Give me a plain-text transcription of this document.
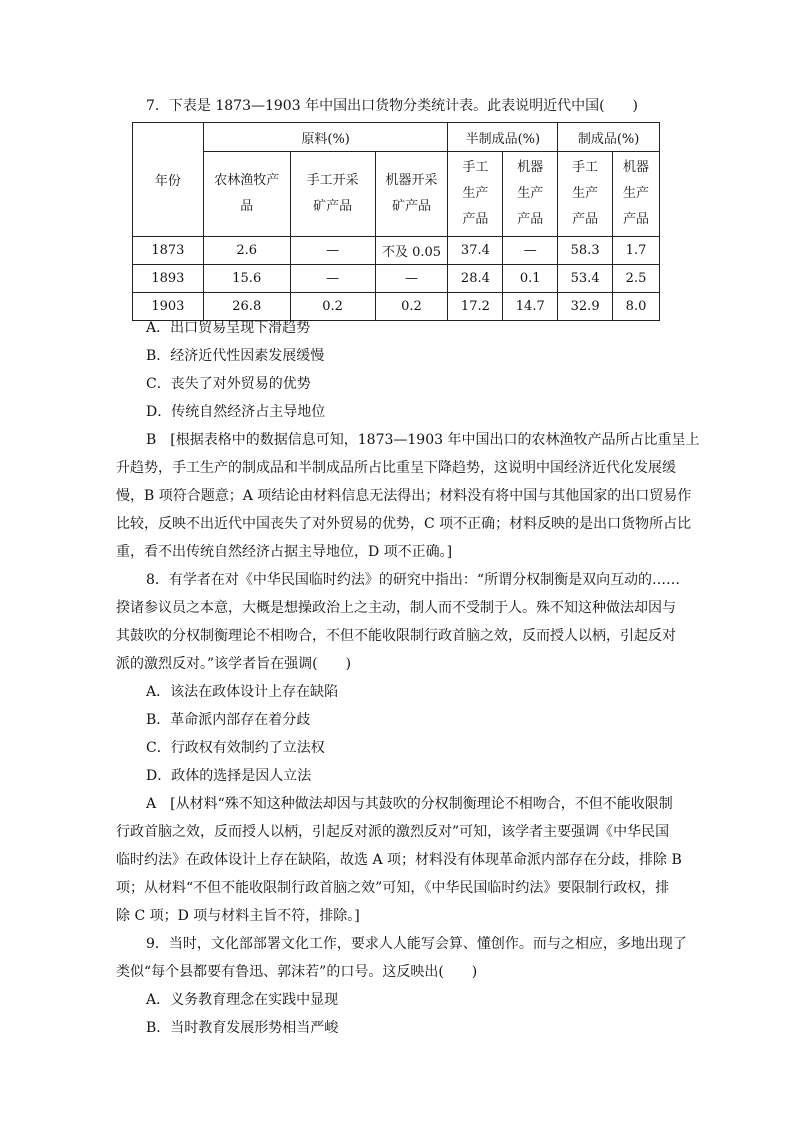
7．下表是 1873—1903 年中国出口货物分类统计表。此表说明近代中国(　　)
年份	原料(%)			半制成品(%)		制成品(%)	

	农林渔牧产品	手工开采矿产品	机器开采矿产品	手工生产产品	机器生产产品	手工生产产品	机器生产产品

1873	2.6	—	不及 0.05	37.4	—	58.3	1.7
1893	15.6	—	—	28.4	0.1	53.4	2.5
1903	26.8	0.2	0.2	17.2	14.7	32.9	8.0
A．出口贸易呈现下滑趋势
B．经济近代性因素发展缓慢
C．丧失了对外贸易的优势
D．传统自然经济占主导地位
B　[根据表格中的数据信息可知，1873—1903 年中国出口的农林渔牧产品所占比重呈上
升趋势，手工生产的制成品和半制成品所占比重呈下降趋势，这说明中国经济近代化发展缓
慢，B 项符合题意；A 项结论由材料信息无法得出；材料没有将中国与其他国家的出口贸易作
比较，反映不出近代中国丧失了对外贸易的优势，C 项不正确；材料反映的是出口货物所占比
重，看不出传统自然经济占据主导地位，D 项不正确。]
8．有学者在对《中华民国临时约法》的研究中指出：“所谓分权制衡是双向互动的……
揆诸参议员之本意，大概是想操政治上之主动，制人而不受制于人。殊不知这种做法却因与
其鼓吹的分权制衡理论不相吻合，不但不能收限制行政首脑之效，反而授人以柄，引起反对
派的激烈反对。”该学者旨在强调(　　)
A．该法在政体设计上存在缺陷
B．革命派内部存在着分歧
C．行政权有效制约了立法权
D．政体的选择是因人立法
A　[从材料“殊不知这种做法却因与其鼓吹的分权制衡理论不相吻合，不但不能收限制
行政首脑之效，反而授人以柄，引起反对派的激烈反对”可知，该学者主要强调《中华民国
临时约法》在政体设计上存在缺陷，故选 A 项；材料没有体现革命派内部存在分歧，排除 B
项；从材料“不但不能收限制行政首脑之效”可知，《中华民国临时约法》要限制行政权，排
除 C 项；D 项与材料主旨不符，排除。]
9．当时，文化部部署文化工作，要求人人能写会算、懂创作。而与之相应，多地出现了
类似“每个县都要有鲁迅、郭沫若”的口号。这反映出(　　)
A．义务教育理念在实践中显现
B．当时教育发展形势相当严峻
